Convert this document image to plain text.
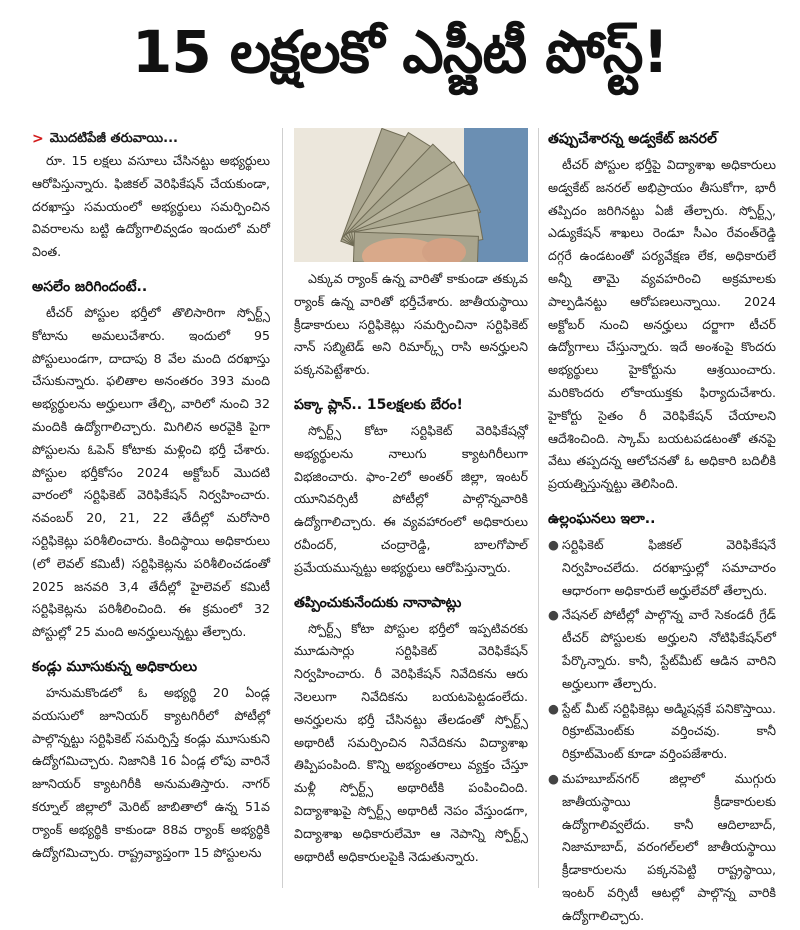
15 లక్షలకో ఎస్జీటీ పోస్ట్!
> మొదటిపేజీ తరువాయి...

రూ. 15 లక్షలు వసూలు చేసినట్టు అభ్యర్థులు ఆరోపిస్తున్నారు. ఫిజికల్ వెరిఫికేషన్ చేయకుండా, దరఖాస్తు సమయంలో అభ్యర్థులు సమర్పించిన వివరాలను బట్టి ఉద్యోగాలివ్వడం ఇందులో మరో వింత.

అసలేం జరిగిందంటే..

టీచర్ పోస్టుల భర్తీలో తొలిసారిగా స్పోర్ట్స్ కోటాను అమలుచేశారు. ఇందులో 95 పోస్టులుండగా, దాదాపు 8 వేల మంది దరఖాస్తు చేసుకున్నారు. ఫలితాల అనంతరం 393 మంది అభ్యర్థులను అర్హులుగా తేల్చి, వారిలో నుంచి 32 మందికి ఉద్యోగాలిచ్చారు. మిగిలిన అరవైకి పైగా పోస్టులను ఓపెన్ కోటాకు మళ్లించి భర్తీ చేశారు. పోస్టుల భర్తీకోసం 2024 అక్టోబర్ మొదటి వారంలో సర్టిఫికెట్ వెరిఫికేషన్ నిర్వహించారు. నవంబర్ 20, 21, 22 తేదీల్లో మరోసారి సర్టిఫికెట్లు పరిశీలించారు. కిందిస్థాయి అధికారులు (లో లెవల్ కమిటీ) సర్టిఫికెట్లను పరిశీలించడంతో 2025 జనవరి 3,4 తేదీల్లో హైలెవల్ కమిటీ సర్టిఫికెట్లను పరిశీలించింది. ఈ క్రమంలో 32 పోస్టుల్లో 25 మంది అనర్హులున్నట్టు తేల్చారు.

కండ్లు మూసుకున్న అధికారులు

హనుమకొండలో ఓ అభ్యర్థి 20 ఏండ్ల వయసులో జూనియర్ క్యాటగిరీలో పోటీల్లో పాల్గొన్నట్టు సర్టిఫికెట్ సమర్పిస్తే కండ్లు మూసుకుని ఉద్యోగమిచ్చారు. నిజానికి 16 ఏండ్ల లోపు వారినే జూనియర్ క్యాటగిరీకి అనుమతిస్తారు. నాగర్ కర్నూల్ జిల్లాలో మెరిట్ జాబితాలో ఉన్న 51వ ర్యాంక్ అభ్యర్థికి కాకుండా 88వ ర్యాంక్ అభ్యర్థికి ఉద్యోగమిచ్చారు. రాష్ట్రవ్యాప్తంగా 15 పోస్టులను

ఎక్కువ ర్యాంక్ ఉన్న వారితో కాకుండా తక్కువ ర్యాంక్ ఉన్న వారితో భర్తీచేశారు. జాతీయస్థాయి క్రీడాకారులు సర్టిఫికెట్లు సమర్పించినా సర్టిఫికెట్ నాన్ సబ్మిటెడ్ అని రిమార్క్స్ రాసి అనర్హులని పక్కనపెట్టేశారు.

పక్కా ప్లాన్.. 15లక్షలకు బేరం!

స్పోర్ట్స్ కోటా సర్టిఫికెట్ వెరిఫికేషన్లో అభ్యర్థులను నాలుగు క్యాటగిరీలుగా విభజించారు. ఫాం-2లో అంతర్ జిల్లా, ఇంటర్ యూనివర్సిటీ పోటీల్లో పాల్గొన్నవారికి ఉద్యోగాలిచ్చారు. ఈ వ్యవహారంలో అధికారులు రవీందర్, చంద్రారెడ్డి, బాలగోపాల్ ప్రమేయమున్నట్టు అభ్యర్థులు ఆరోపిస్తున్నారు.

తప్పించుకునేందుకు నానాపాట్లు

స్పోర్ట్స్ కోటా పోస్టుల భర్తీలో ఇప్పటివరకు మూడుసార్లు సర్టిఫికెట్ వెరిఫికేషన్ నిర్వహించారు. రీ వెరిఫికేషన్ నివేదికను ఆరు నెలలుగా నివేదికను బయటపెట్టడంలేదు. అనర్హులను భర్తీ చేసినట్టు తేలడంతో స్పోర్ట్స్ అథారిటీ సమర్పించిన నివేదికను విద్యాశాఖ తిప్పిపంపింది. కొన్ని అభ్యంతరాలు వ్యక్తం చేస్తూ మళ్లీ స్పోర్ట్స్ అథారిటీకి పంపించింది. విద్యాశాఖపై స్పోర్ట్స్ అథారిటీ నెపం వేస్తుండగా, విద్యాశాఖ అధికారులేమో ఆ నెపాన్ని స్పోర్ట్స్ అథారిటీ అధికారులపైకి నెడుతున్నారు.

తప్పుచేశారన్న అడ్వకేట్ జనరల్

టీచర్ పోస్టుల భర్తీపై విద్యాశాఖ అధికారులు అడ్వకేట్ జనరల్ అభిప్రాయం తీసుకోగా, భారీ తప్పిదం జరిగినట్టు ఏజీ తేల్చారు. స్పోర్ట్స్, ఎడ్యుకేషన్ శాఖలు రెండూ సీఎం రేవంత్‌రెడ్డి దగ్గరే ఉండటంతో పర్యవేక్షణ లేక, అధికారులే అన్నీ తామై వ్యవహరించి అక్రమాలకు పాల్పడినట్టు ఆరోపణలున్నాయి. 2024 అక్టోబర్ నుంచి అనర్హులు దర్జాగా టీచర్ ఉద్యోగాలు చేస్తున్నారు. ఇదే అంశంపై కొందరు అభ్యర్థులు హైకోర్టును ఆశ్రయించారు. మరికొందరు లోకాయుక్తకు ఫిర్యాదుచేశారు. హైకోర్టు సైతం రీ వెరిఫికేషన్ చేయాలని ఆదేశించింది. స్కామ్ బయటపడటంతో తనపై వేటు తప్పదన్న ఆలోచనతో ఓ అధికారి బదిలీకి ప్రయత్నిస్తున్నట్టు తెలిసింది.

ఉల్లంఘనలు ఇలా..
● సర్టిఫికెట్ ఫిజికల్ వెరిఫికేషనే నిర్వహించలేదు. దరఖాస్తుల్లో సమాచారం ఆధారంగా అధికారులే అర్హులేవరో తేల్చారు.
● నేషనల్ పోటీల్లో పాల్గొన్న వారే సెకండరీ గ్రేడ్ టీచర్ పోస్టులకు అర్హులని నోటిఫికేషన్‌లో పేర్కొన్నారు. కానీ, స్టేట్‌మీట్ ఆడిన వారిని అర్హులుగా తేల్చారు.
● స్టేట్ మీట్ సర్టిఫికెట్లు అడ్మిషన్లకే పనికొస్తాయి. రిక్రూట్‌మెంట్‌కు వర్తించవు. కానీ రిక్రూట్‌మెంట్ కూడా వర్తింపజేశారు.
● మహబూబ్‌నగర్ జిల్లాలో ముగ్గురు జాతీయస్థాయి క్రీడాకారులకు ఉద్యోగాలివ్వలేదు. కానీ ఆదిలాబాద్, నిజామాబాద్, వరంగల్‌లలో జాతీయస్థాయి క్రీడాకారులను పక్కనపెట్టి రాష్ట్రస్థాయి, ఇంటర్ వర్సిటీ ఆటల్లో పాల్గొన్న వారికి ఉద్యోగాలిచ్చారు.
